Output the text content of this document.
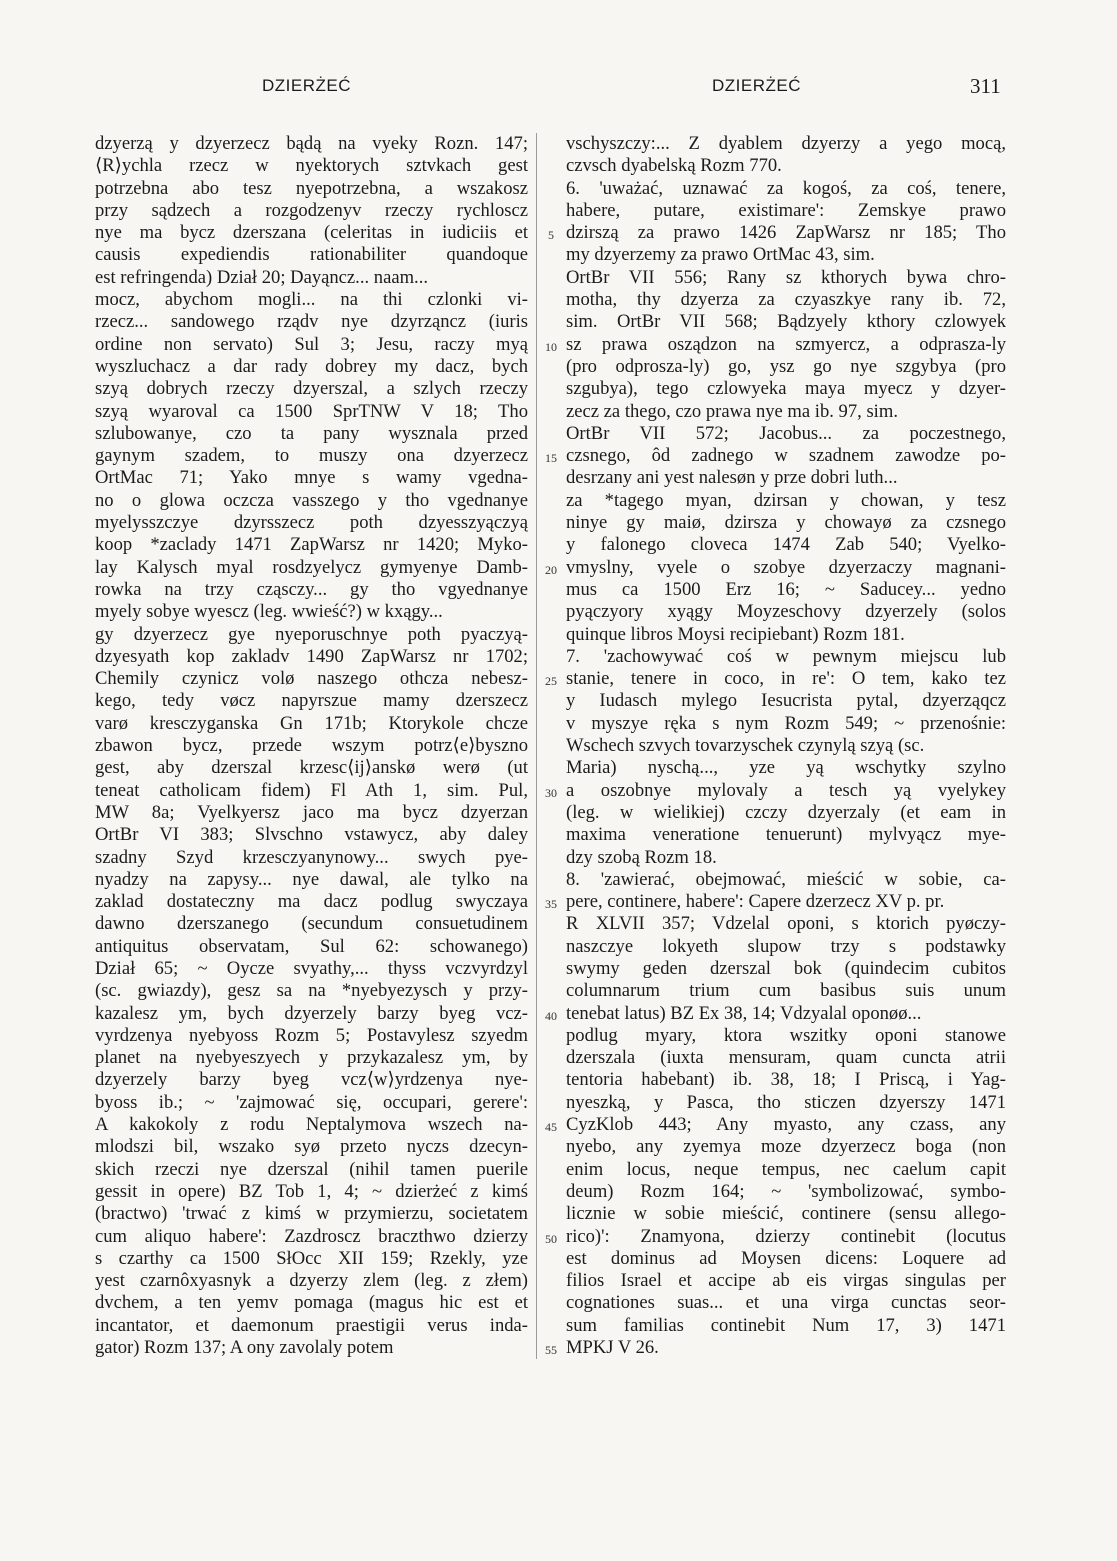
DZIERŻEĆ	DZIERŻEĆ	311
dzyerzą y dzyerzecz bądą na vyeky Rozn. 147;
⟨R⟩ychla rzecz w nyektorych sztvkach gest
potrzebna abo tesz nyepotrzebna, a wszakosz
przy sądzech a rozgodzenyv rzeczy rychloscz
nye ma bycz dzerszana (celeritas in iudiciis et
causis expediendis rationabiliter quandoque
est refringenda) Dział 20; Dayąncz... naam...
mocz, abychom mogli... na thi czlonki vi-
rzecz... sandowego rządv nye dzyrząncz (iuris
ordine non servato) Sul 3; Jesu, raczy myą
wyszluchacz a dar rady dobrey my dacz, bych
szyą dobrych rzeczy dzyerszal, a szlych rzeczy
szyą wyaroval ca 1500 SprTNW V 18; Tho
szlubowanye, czo ta pany wysznala przed
gaynym szadem, to muszy ona dzyerzecz
OrtMac 71; Yako mnye s wamy vgedna-
no o glowa oczcza vasszego y tho vgednanye
myelysszczye dzyrsszecz poth dzyesszyączyą
koop *zaclady 1471 ZapWarsz nr 1420; Myko-
lay Kalysch myal rosdzyelycz gymyenye Damb-
rowka na trzy cząsczy... gy tho vgyednanye
myely sobye wyescz (leg. wwieść?) w kxągy...
gy dzyerzecz gye nyeporuschnye poth pyaczyą-
dzyesyath kop zakladv 1490 ZapWarsz nr 1702;
Chemily czynicz volø naszego othcza nebesz-
kego, tedy vøcz napyrszue mamy dzerszecz
varø kresczyganska Gn 171b; Ktorykole chcze
zbawon bycz, przede wszym potrz⟨e⟩byszno
gest, aby dzerszal krzesc⟨ij⟩anskø werø (ut
teneat catholicam fidem) Fl Ath 1, sim. Pul,
MW 8a; Vyelkyersz jaco ma bycz dzyerzan
OrtBr VI 383; Slvschno vstawycz, aby daley
szadny Szyd krzesczyanynowy... swych pye-
nyadzy na zapysy... nye dawal, ale tylko na
zaklad dostateczny ma dacz podlug swyczaya
dawno dzerszanego (secundum consuetudinem
antiquitus observatam, Sul 62: schowanego)
Dział 65; ~ Oycze svyathy,... thyss vczvyrdzyl
(sc. gwiazdy), gesz sa na *nyebyezysch y przy-
kazalesz ym, bych dzyerzely barzy byeg vcz-
vyrdzenya nyebyoss Rozm 5; Postavylesz szyedm
planet na nyebyeszyech y przykazalesz ym, by
dzyerzely barzy byeg vcz⟨w⟩yrdzenya nye-
byoss ib.; ~ 'zajmować się, occupari, gerere':
A kakokoly z rodu Neptalymova wszech na-
mlodszi bil, wszako syø przeto nyczs dzecyn-
skich rzeczi nye dzerszal (nihil tamen puerile
gessit in opere) BZ Tob 1, 4; ~ dzierżeć z kimś
(bractwo) 'trwać z kimś w przymierzu, societatem
cum aliquo habere': Zazdroscz braczthwo dzierzy
s czarthy ca 1500 SłOcc XII 159; Rzekly, yze
yest czarnôxyasnyk a dzyerzy zlem (leg. z złem)
dvchem, a ten yemv pomaga (magus hic est et
incantator, et daemonum praestigii verus inda-
gator) Rozm 137; A ony zavolaly potem
5
10
15
20
25
30
35
40
45
50
55
vschyszczy:... Z dyablem dzyerzy a yego mocą,
czvsch dyabelską Rozm 770.
6. 'uważać, uznawać za kogoś, za coś, tenere,
habere, putare, existimare': Zemskye prawo
dzirszą za prawo 1426 ZapWarsz nr 185; Tho
my dzyerzemy za prawo OrtMac 43, sim.
OrtBr VII 556; Rany sz kthorych bywa chro-
motha, thy dzyerza za czyaszkye rany ib. 72,
sim. OrtBr VII 568; Bądzyely kthory czlowyek
sz prawa osządzon na szmyercz, a odprasza-ly
(pro odprosza-ly) go, ysz go nye szgybya (pro
szgubya), tego czlowyeka maya myecz y dzyer-
zecz za thego, czo prawa nye ma ib. 97, sim.
OrtBr VII 572; Jacobus... za poczestnego,
czsnego, ôd zadnego w szadnem zawodze po-
desrzany ani yest nalesøn y prze dobri luth...
za *tagego myan, dzirsan y chowan, y tesz
ninye gy maiø, dzirsza y chowayø za czsnego
y falonego cloveca 1474 Zab 540; Vyelko-
vmyslny, vyele o szobye dzyerzaczy magnani-
mus ca 1500 Erz 16; ~ Saducey... yedno
pyączyory xyągy Moyzeschovy dzyerzely (solos
quinque libros Moysi recipiebant) Rozm 181.
7. 'zachowywać coś w pewnym miejscu lub
stanie, tenere in coco, in re': O tem, kako tez
y Iudasch mylego Iesucrista pytal, dzyerząqcz
v myszye ręka s nym Rozm 549; ~ przenośnie:
Wschech szvych tovarzyschek czynylą szyą (sc.
Maria) nyschą..., yze yą wschytky szylno
a oszobnye mylovaly a tesch yą vyelykey
(leg. w wielikiej) czczy dzyerzaly (et eam in
maxima veneratione tenuerunt) mylvyącz mye-
dzy szobą Rozm 18.
8. 'zawierać, obejmować, mieścić w sobie, ca-
pere, continere, habere': Capere dzerzecz XV p. pr.
R XLVII 357; Vdzelal oponi, s ktorich pyøczy-
naszczye lokyeth slupow trzy s podstawky
swymy geden dzerszal bok (quindecim cubitos
columnarum trium cum basibus suis unum
tenebat latus) BZ Ex 38, 14; Vdzyalal oponøø...
podlug myary, ktora wszitky oponi stanowe
dzerszala (iuxta mensuram, quam cuncta atrii
tentoria habebant) ib. 38, 18; I Priscą, i Yag-
nyeszką, y Pasca, tho sticzen dzyerszy 1471
CyzKlob 443; Any myasto, any czass, any
nyebo, any zyemya moze dzyerzecz boga (non
enim locus, neque tempus, nec caelum capit
deum) Rozm 164; ~ 'symbolizować, symbo-
licznie w sobie mieścić, continere (sensu allego-
rico)': Znamyona, dzierzy continebit (locutus
est dominus ad Moysen dicens: Loquere ad
filios Israel et accipe ab eis virgas singulas per
cognationes suas... et una virga cunctas seor-
sum familias continebit Num 17, 3) 1471
MPKJ V 26.
